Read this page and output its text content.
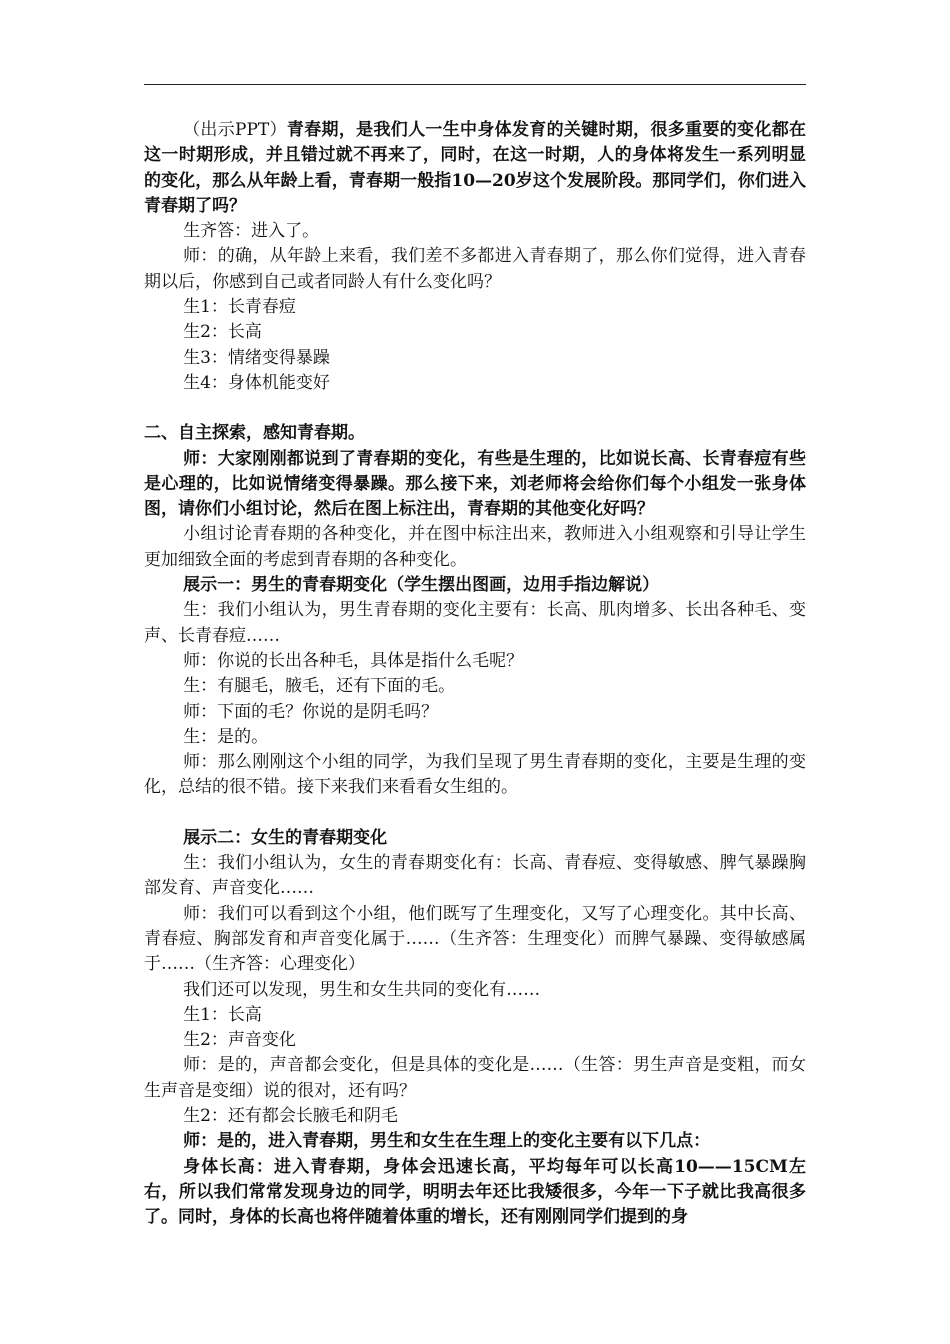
（出示PPT）青春期，是我们人一生中身体发育的关键时期，很多重要的变化都在这一时期形成，并且错过就不再来了，同时，在这一时期，人的身体将发生一系列明显的变化，那么从年龄上看，青春期一般指10—20岁这个发展阶段。那同学们，你们进入青春期了吗？

生齐答：进入了。

师：的确，从年龄上来看，我们差不多都进入青春期了，那么你们觉得，进入青春期以后，你感到自己或者同龄人有什么变化吗？

生1：长青春痘

生2：长高

生3：情绪变得暴躁

生4：身体机能变好

二、自主探索，感知青春期。

师：大家刚刚都说到了青春期的变化，有些是生理的，比如说长高、长青春痘有些是心理的，比如说情绪变得暴躁。那么接下来，刘老师将会给你们每个小组发一张身体图，请你们小组讨论，然后在图上标注出，青春期的其他变化好吗？

小组讨论青春期的各种变化，并在图中标注出来，教师进入小组观察和引导让学生更加细致全面的考虑到青春期的各种变化。

展示一：男生的青春期变化（学生摆出图画，边用手指边解说）

生：我们小组认为，男生青春期的变化主要有：长高、肌肉增多、长出各种毛、变声、长青春痘……

师：你说的长出各种毛，具体是指什么毛呢？

生：有腿毛，腋毛，还有下面的毛。

师：下面的毛？你说的是阴毛吗？

生：是的。

师：那么刚刚这个小组的同学，为我们呈现了男生青春期的变化，主要是生理的变化，总结的很不错。接下来我们来看看女生组的。

展示二：女生的青春期变化

生：我们小组认为，女生的青春期变化有：长高、青春痘、变得敏感、脾气暴躁胸部发育、声音变化……

师：我们可以看到这个小组，他们既写了生理变化，又写了心理变化。其中长高、青春痘、胸部发育和声音变化属于……（生齐答：生理变化）而脾气暴躁、变得敏感属于……（生齐答：心理变化）

我们还可以发现，男生和女生共同的变化有……

生1：长高

生2：声音变化

师：是的，声音都会变化，但是具体的变化是……（生答：男生声音是变粗，而女生声音是变细）说的很对，还有吗？

生2：还有都会长腋毛和阴毛

师：是的，进入青春期，男生和女生在生理上的变化主要有以下几点：

身体长高：进入青春期，身体会迅速长高，平均每年可以长高10——15CM左右，所以我们常常发现身边的同学，明明去年还比我矮很多，今年一下子就比我高很多了。同时，身体的长高也将伴随着体重的增长，还有刚刚同学们提到的身
